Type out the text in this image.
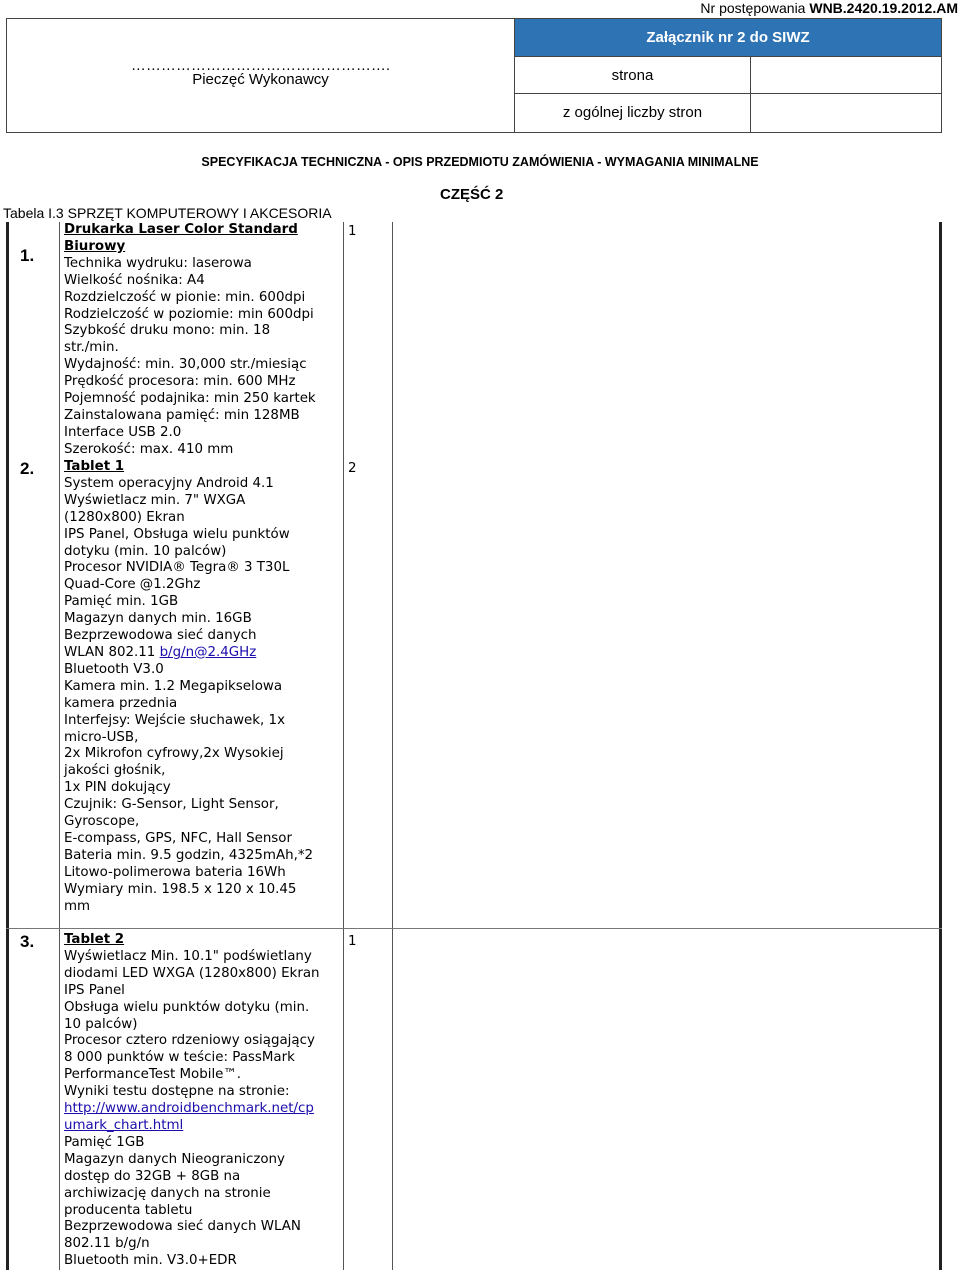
Nr postępowania WNB.2420.19.2012.AM
…………………………………………….
Pieczęć Wykonawcy
Załącznik nr 2 do SIWZ
strona
z ogólnej liczby stron
SPECYFIKACJA TECHNICZNA - OPIS PRZEDMIOTU ZAMÓWIENIA - WYMAGANIA MINIMALNE
CZĘŚĆ 2
Tabela I.3 SPRZĘT KOMPUTEROWY I AKCESORIA
1.
Drukarka Laser Color Standard
Biurowy
Technika wydruku: laserowa
Wielkość nośnika: A4
Rozdzielczość w pionie: min. 600dpi
Rodzielczość w poziomie: min 600dpi
Szybkość druku mono: min. 18
str./min.
Wydajność: min. 30,000 str./miesiąc
Prędkość procesora: min. 600 MHz
Pojemność podajnika: min 250 kartek
Zainstalowana pamięć: min 128MB
Interface USB 2.0
Szerokość: max. 410 mm
1
2. Tablet 1
System operacyjny Android 4.1
Wyświetlacz min. 7" WXGA
(1280x800) Ekran
IPS Panel, Obsługa wielu punktów
dotyku (min. 10 palców)
Procesor NVIDIA® Tegra® 3 T30L
Quad-Core @1.2Ghz
Pamięć min. 1GB
Magazyn danych min. 16GB
Bezprzewodowa sieć danych
WLAN 802.11 b/g/n@2.4GHz
Bluetooth V3.0
Kamera min. 1.2 Megapikselowa
kamera przednia
Interfejsy: Wejście słuchawek, 1x
micro-USB,
2x Mikrofon cyfrowy,2x Wysokiej
jakości głośnik,
1x PIN dokujący
Czujnik: G-Sensor, Light Sensor,
Gyroscope,
E-compass, GPS, NFC, Hall Sensor
Bateria min. 9.5 godzin, 4325mAh,*2
Litowo-polimerowa bateria 16Wh
Wymiary min. 198.5 x 120 x 10.45
mm
2
3. Tablet 2
Wyświetlacz Min. 10.1" podświetlany
diodami LED WXGA (1280x800) Ekran
IPS Panel
Obsługa wielu punktów dotyku (min.
10 palców)
Procesor cztero rdzeniowy osiągający
8 000 punktów w teście: PassMark
PerformanceTest Mobile™.
Wyniki testu dostępne na stronie:
http://www.androidbenchmark.net/cp
umark_chart.html
Pamięć 1GB
Magazyn danych Nieograniczony
dostęp do 32GB + 8GB na
archiwizację danych na stronie
producenta tabletu
Bezprzewodowa sieć danych WLAN
802.11 b/g/n
Bluetooth min. V3.0+EDR
1
